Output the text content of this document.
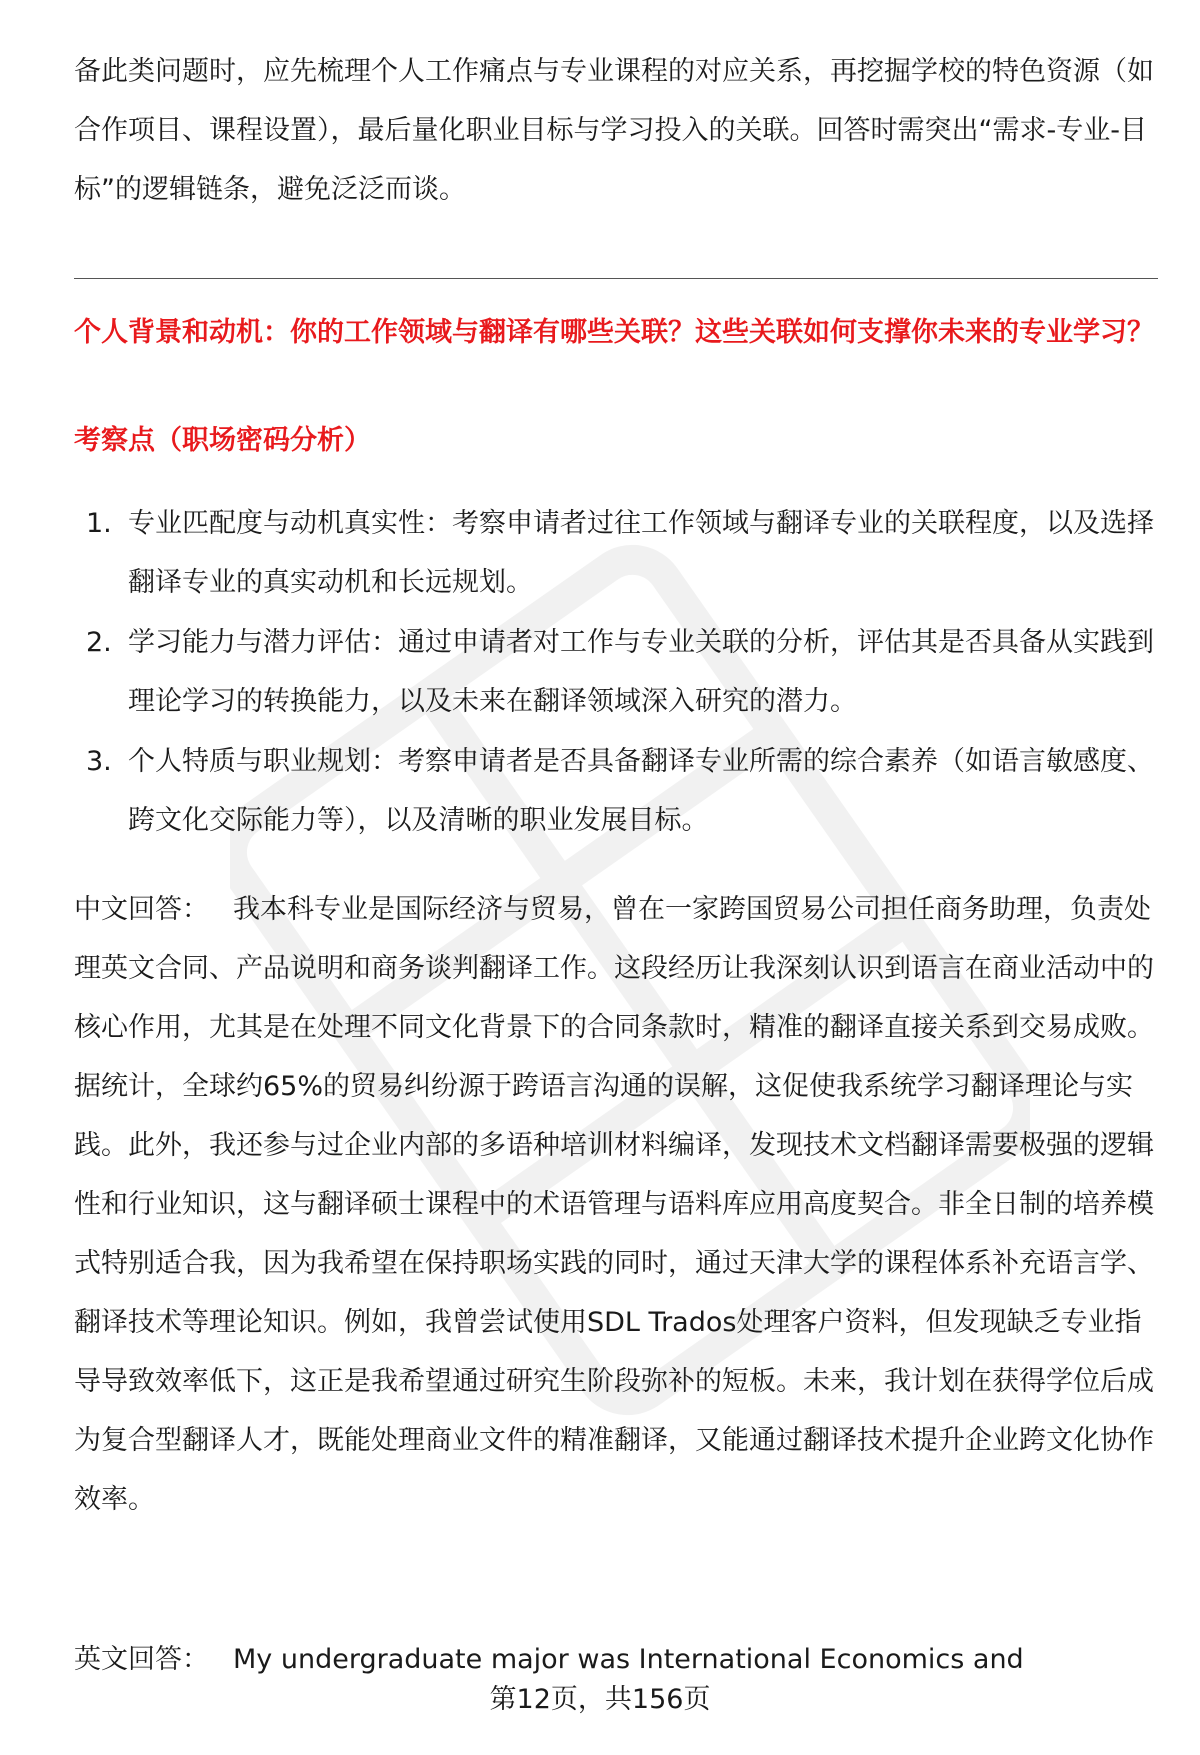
备此类问题时，应先梳理个人工作痛点与专业课程的对应关系，再挖掘学校的特色资源（如合作项目、课程设置），最后量化职业目标与学习投入的关联。回答时需突出“需求-专业-目标”的逻辑链条，避免泛泛而谈。

个人背景和动机：你的工作领域与翻译有哪些关联？这些关联如何支撑你未来的专业学习？

考察点（职场密码分析）

1. 专业匹配度与动机真实性：考察申请者过往工作领域与翻译专业的关联程度，以及选择翻译专业的真实动机和长远规划。
2. 学习能力与潜力评估：通过申请者对工作与专业关联的分析，评估其是否具备从实践到理论学习的转换能力，以及未来在翻译领域深入研究的潜力。
3. 个人特质与职业规划：考察申请者是否具备翻译专业所需的综合素养（如语言敏感度、跨文化交际能力等），以及清晰的职业发展目标。

中文回答： 我本科专业是国际经济与贸易，曾在一家跨国贸易公司担任商务助理，负责处理英文合同、产品说明和商务谈判翻译工作。这段经历让我深刻认识到语言在商业活动中的核心作用，尤其是在处理不同文化背景下的合同条款时，精准的翻译直接关系到交易成败。据统计，全球约65%的贸易纠纷源于跨语言沟通的误解，这促使我系统学习翻译理论与实践。此外，我还参与过企业内部的多语种培训材料编译，发现技术文档翻译需要极强的逻辑性和行业知识，这与翻译硕士课程中的术语管理与语料库应用高度契合。非全日制的培养模式特别适合我，因为我希望在保持职场实践的同时，通过天津大学的课程体系补充语言学、翻译技术等理论知识。例如，我曾尝试使用SDL Trados处理客户资料，但发现缺乏专业指导导致效率低下，这正是我希望通过研究生阶段弥补的短板。未来，我计划在获得学位后成为复合型翻译人才，既能处理商业文件的精准翻译，又能通过翻译技术提升企业跨文化协作效率。

英文回答： My undergraduate major was International Economics and

第12页，共156页
